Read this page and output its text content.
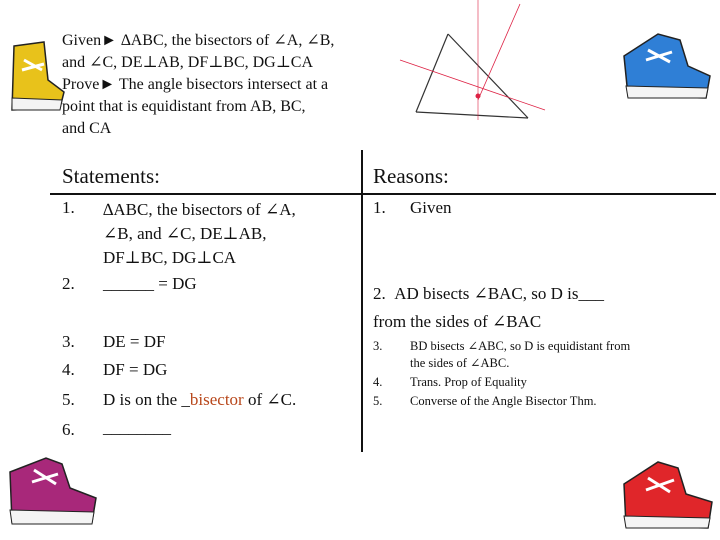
Given► ∆ABC, the bisectors of ∠A, ∠B,
and ∠C, DE⊥AB, DF⊥BC, DG⊥CA
Prove► The angle bisectors intersect at a
point that is equidistant from AB, BC,
and CA
Statements:	Reasons:
1. ∆ABC, the bisectors of ∠A,
∠B, and ∠C, DE⊥AB,
DF⊥BC, DG⊥CA
2. ______ = DG
3. DE = DF
4. DF = DG
5. D is on the _bisector of ∠C.
6. ________
1. Given
2. AD bisects ∠BAC, so D is___
from the sides of ∠BAC
3. BD bisects ∠ABC, so D is equidistant from
the sides of ∠ABC.
4. Trans. Prop of Equality
5. Converse of the Angle Bisector Thm.
